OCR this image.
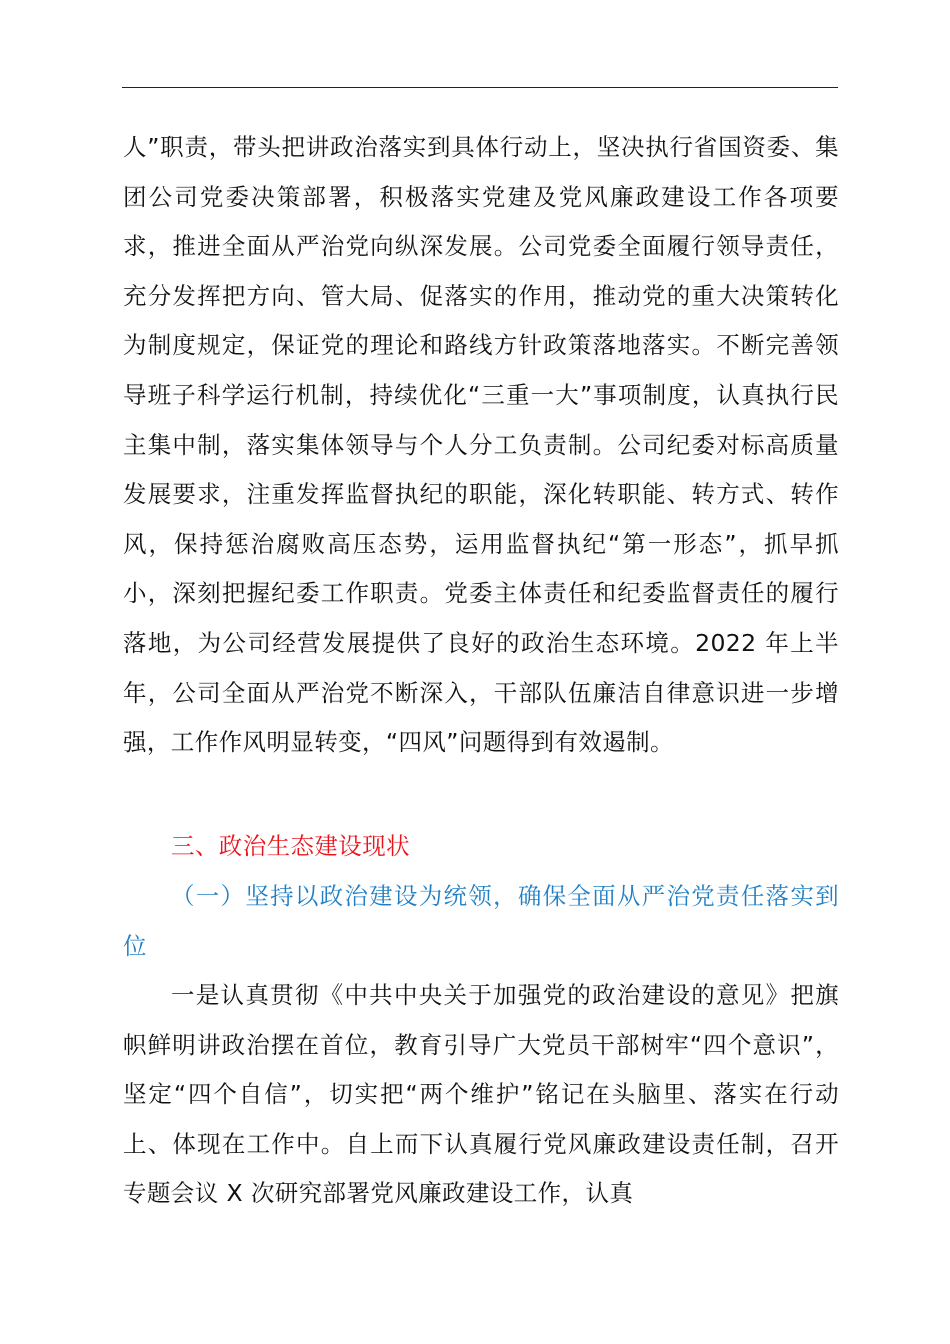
人”职责，带头把讲政治落实到具体行动上，坚决执行省国资委、集团公司党委决策部署，积极落实党建及党风廉政建设工作各项要求，推进全面从严治党向纵深发展。公司党委全面履行领导责任，充分发挥把方向、管大局、促落实的作用，推动党的重大决策转化为制度规定，保证党的理论和路线方针政策落地落实。不断完善领导班子科学运行机制，持续优化“三重一大”事项制度，认真执行民主集中制，落实集体领导与个人分工负责制。公司纪委对标高质量发展要求，注重发挥监督执纪的职能，深化转职能、转方式、转作风，保持惩治腐败高压态势，运用监督执纪“第一形态”，抓早抓小，深刻把握纪委工作职责。党委主体责任和纪委监督责任的履行落地，为公司经营发展提供了良好的政治生态环境。2022 年上半年，公司全面从严治党不断深入，干部队伍廉洁自律意识进一步增强，工作作风明显转变，“四风”问题得到有效遏制。

三、政治生态建设现状

（一）坚持以政治建设为统领，确保全面从严治党责任落实到位

一是认真贯彻《中共中央关于加强党的政治建设的意见》把旗帜鲜明讲政治摆在首位，教育引导广大党员干部树牢“四个意识”，坚定“四个自信”，切实把“两个维护”铭记在头脑里、落实在行动上、体现在工作中。自上而下认真履行党风廉政建设责任制，召开专题会议 X 次研究部署党风廉政建设工作，认真
